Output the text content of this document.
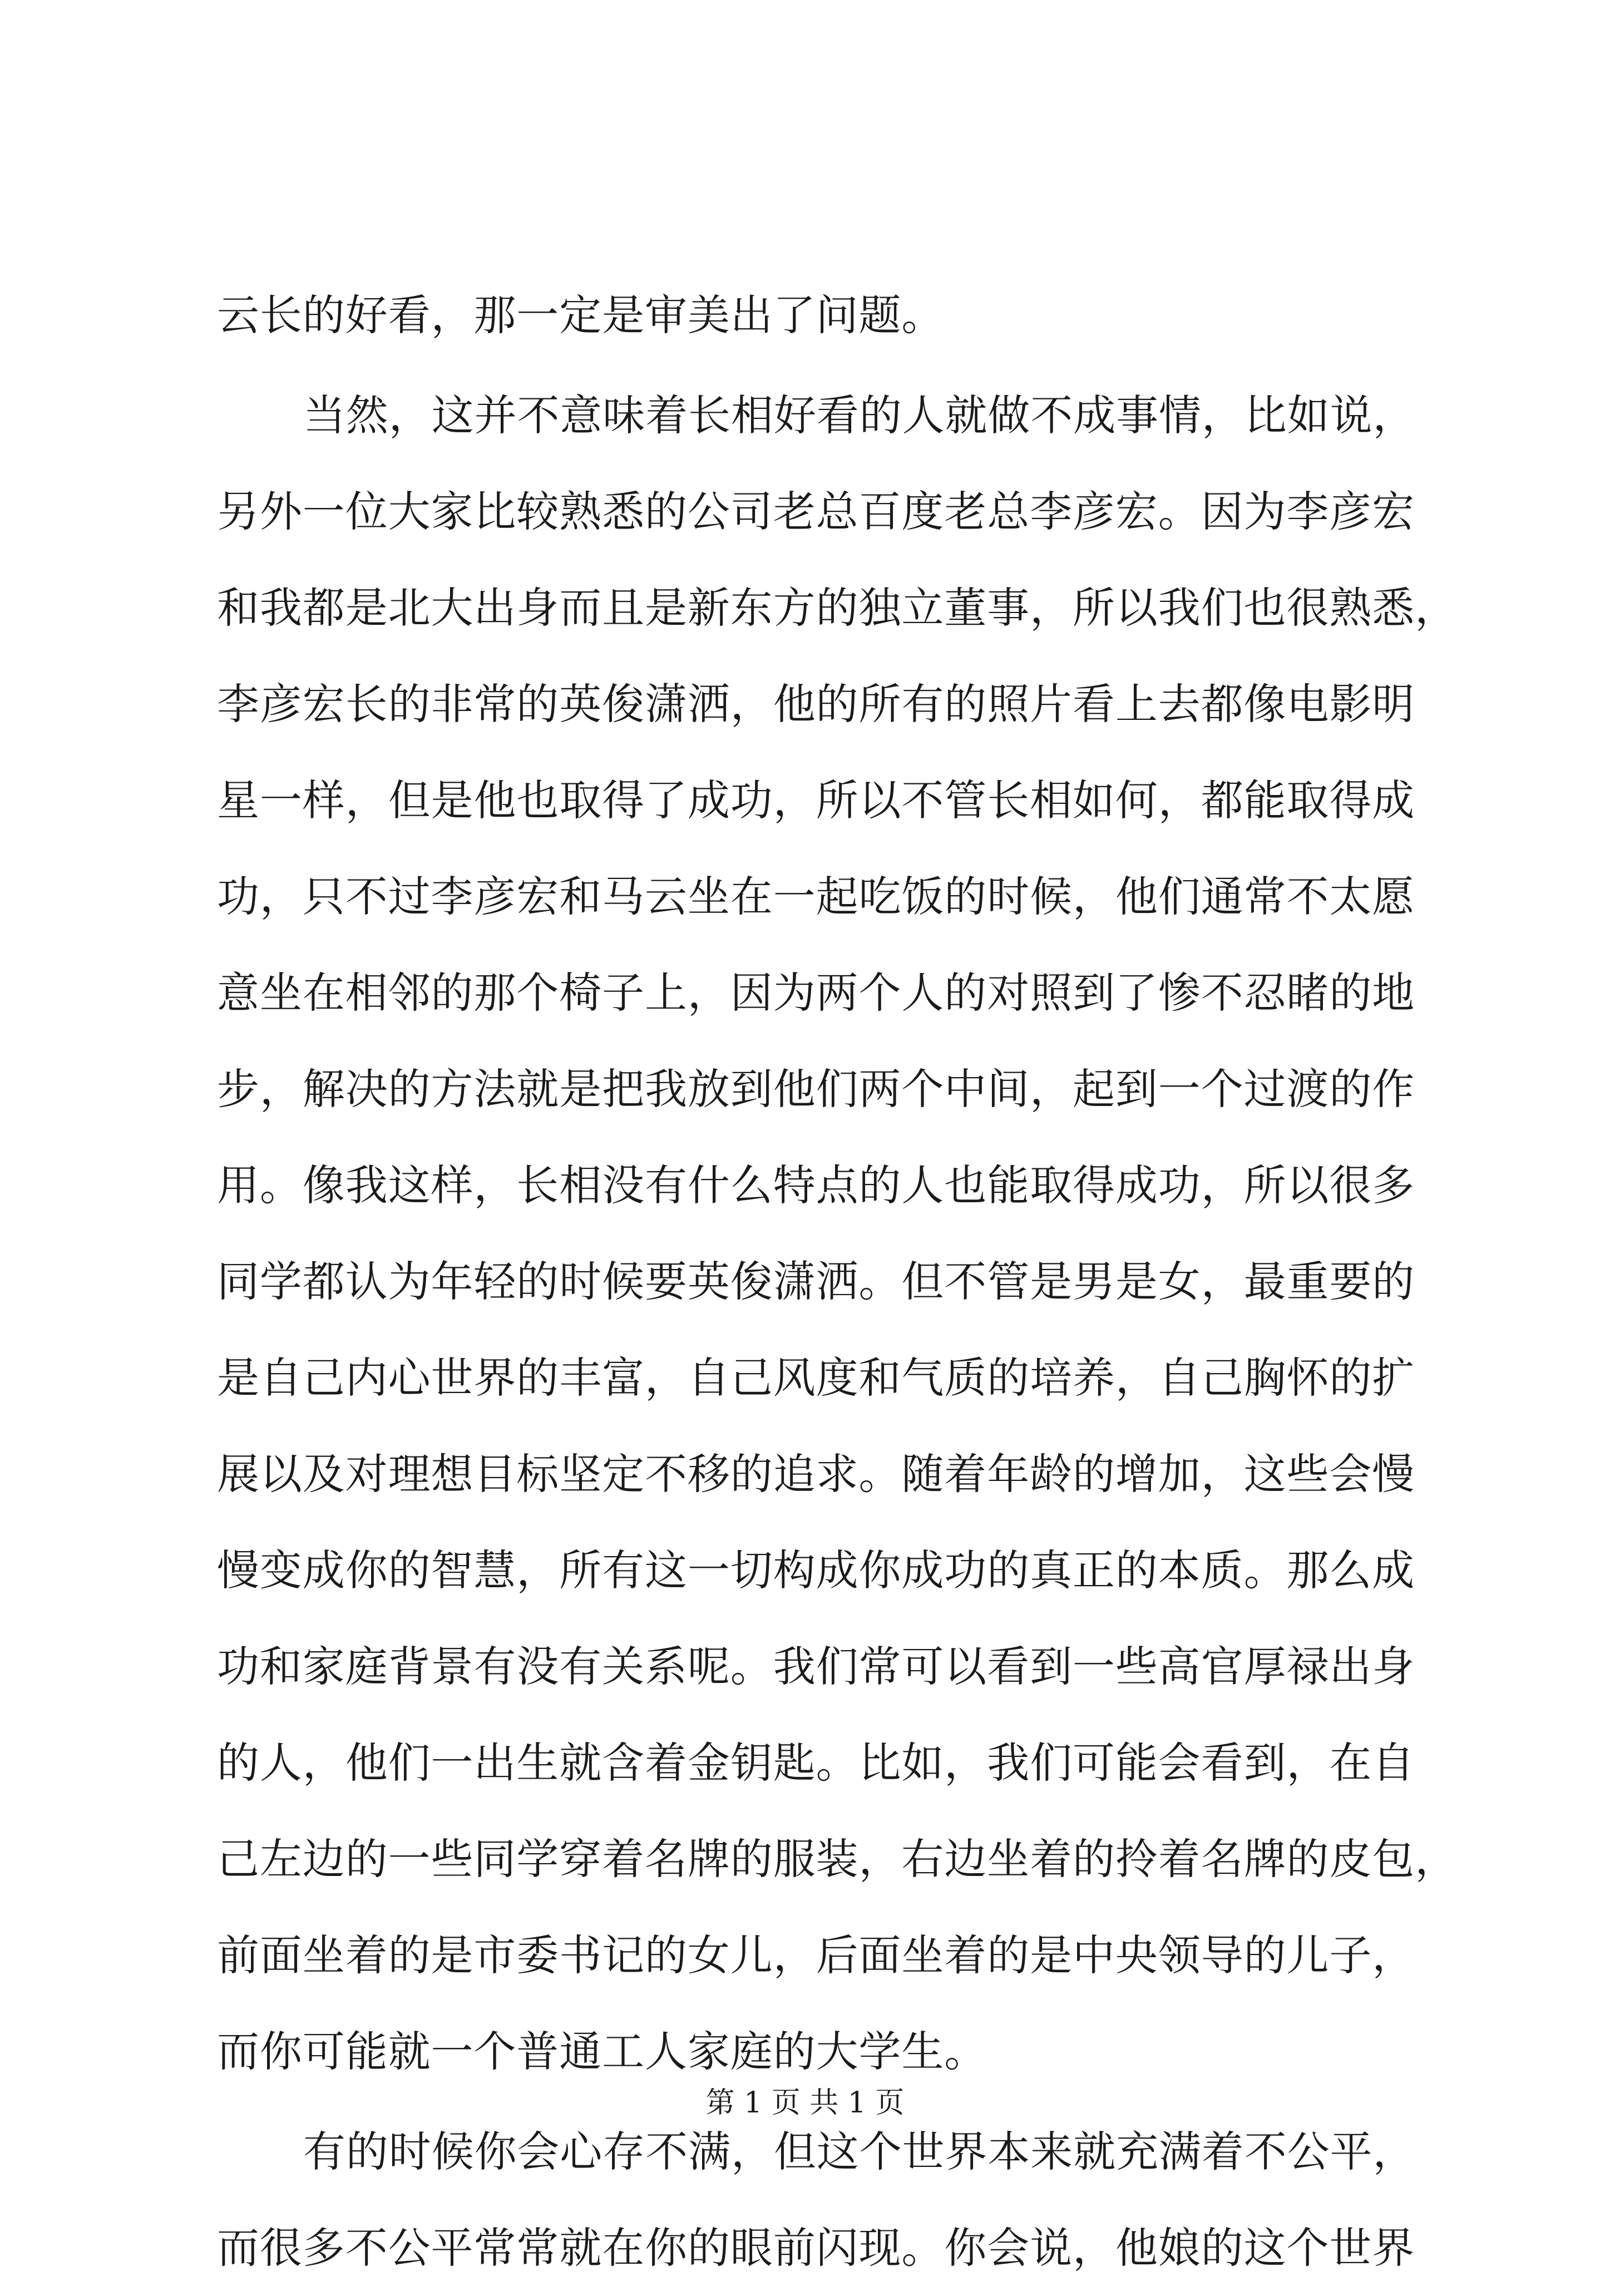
云长的好看，那一定是审美出了问题。
当然，这并不意味着长相好看的人就做不成事情，比如说，
另外一位大家比较熟悉的公司老总百度老总李彦宏。因为李彦宏
和我都是北大出身而且是新东方的独立董事，所以我们也很熟悉，
李彦宏长的非常的英俊潇洒，他的所有的照片看上去都像电影明
星一样，但是他也取得了成功，所以不管长相如何，都能取得成
功，只不过李彦宏和马云坐在一起吃饭的时候，他们通常不太愿
意坐在相邻的那个椅子上，因为两个人的对照到了惨不忍睹的地
步，解决的方法就是把我放到他们两个中间，起到一个过渡的作
用。像我这样，长相没有什么特点的人也能取得成功，所以很多
同学都认为年轻的时候要英俊潇洒。但不管是男是女，最重要的
是自己内心世界的丰富，自己风度和气质的培养，自己胸怀的扩
展以及对理想目标坚定不移的追求。随着年龄的增加，这些会慢
慢变成你的智慧，所有这一切构成你成功的真正的本质。那么成
功和家庭背景有没有关系呢。我们常可以看到一些高官厚禄出身
的人，他们一出生就含着金钥匙。比如，我们可能会看到，在自
己左边的一些同学穿着名牌的服装，右边坐着的拎着名牌的皮包，
前面坐着的是市委书记的女儿，后面坐着的是中央领导的儿子，
而你可能就一个普通工人家庭的大学生。
有的时候你会心存不满，但这个世界本来就充满着不公平，
而很多不公平常常就在你的眼前闪现。你会说，他娘的这个世界
第 1 页 共 1 页
